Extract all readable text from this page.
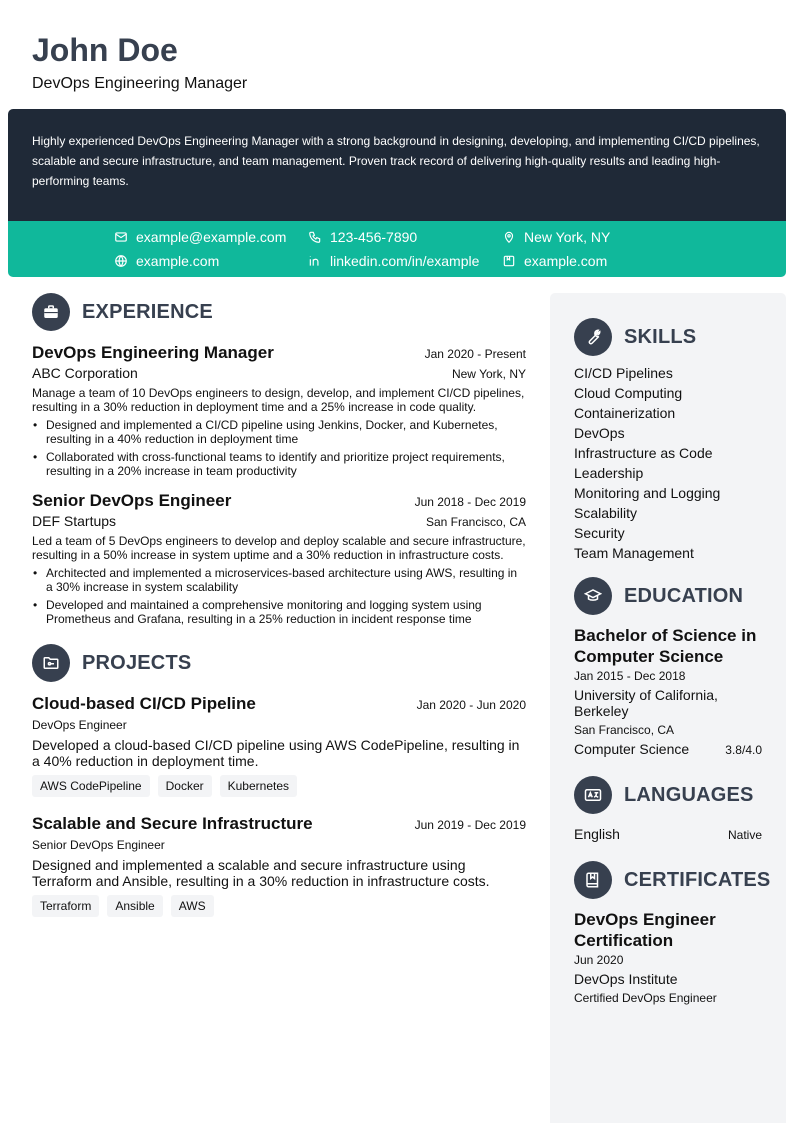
John Doe
DevOps Engineering Manager
Highly experienced DevOps Engineering Manager with a strong background in designing, developing, and implementing CI/CD pipelines, scalable and secure infrastructure, and team management. Proven track record of delivering high-quality results and leading high-performing teams.
example@example.com	123-456-7890	New York, NY
example.com	linkedin.com/in/example	example.com
EXPERIENCE
DevOps Engineering Manager	Jan 2020 - Present
ABC Corporation	New York, NY
Manage a team of 10 DevOps engineers to design, develop, and implement CI/CD pipelines, resulting in a 30% reduction in deployment time and a 25% increase in code quality.
• Designed and implemented a CI/CD pipeline using Jenkins, Docker, and Kubernetes, resulting in a 40% reduction in deployment time
• Collaborated with cross-functional teams to identify and prioritize project requirements, resulting in a 20% increase in team productivity
Senior DevOps Engineer	Jun 2018 - Dec 2019
DEF Startups	San Francisco, CA
Led a team of 5 DevOps engineers to develop and deploy scalable and secure infrastructure, resulting in a 50% increase in system uptime and a 30% reduction in infrastructure costs.
• Architected and implemented a microservices-based architecture using AWS, resulting in a 30% increase in system scalability
• Developed and maintained a comprehensive monitoring and logging system using Prometheus and Grafana, resulting in a 25% reduction in incident response time
PROJECTS
Cloud-based CI/CD Pipeline	Jan 2020 - Jun 2020
DevOps Engineer
Developed a cloud-based CI/CD pipeline using AWS CodePipeline, resulting in a 40% reduction in deployment time.
AWS CodePipeline	Docker	Kubernetes
Scalable and Secure Infrastructure	Jun 2019 - Dec 2019
Senior DevOps Engineer
Designed and implemented a scalable and secure infrastructure using Terraform and Ansible, resulting in a 30% reduction in infrastructure costs.
Terraform	Ansible	AWS
SKILLS
CI/CD Pipelines
Cloud Computing
Containerization
DevOps
Infrastructure as Code
Leadership
Monitoring and Logging
Scalability
Security
Team Management
EDUCATION
Bachelor of Science in Computer Science
Jan 2015 - Dec 2018
University of California, Berkeley
San Francisco, CA
Computer Science	3.8/4.0
LANGUAGES
English	Native
CERTIFICATES
DevOps Engineer Certification
Jun 2020
DevOps Institute
Certified DevOps Engineer
